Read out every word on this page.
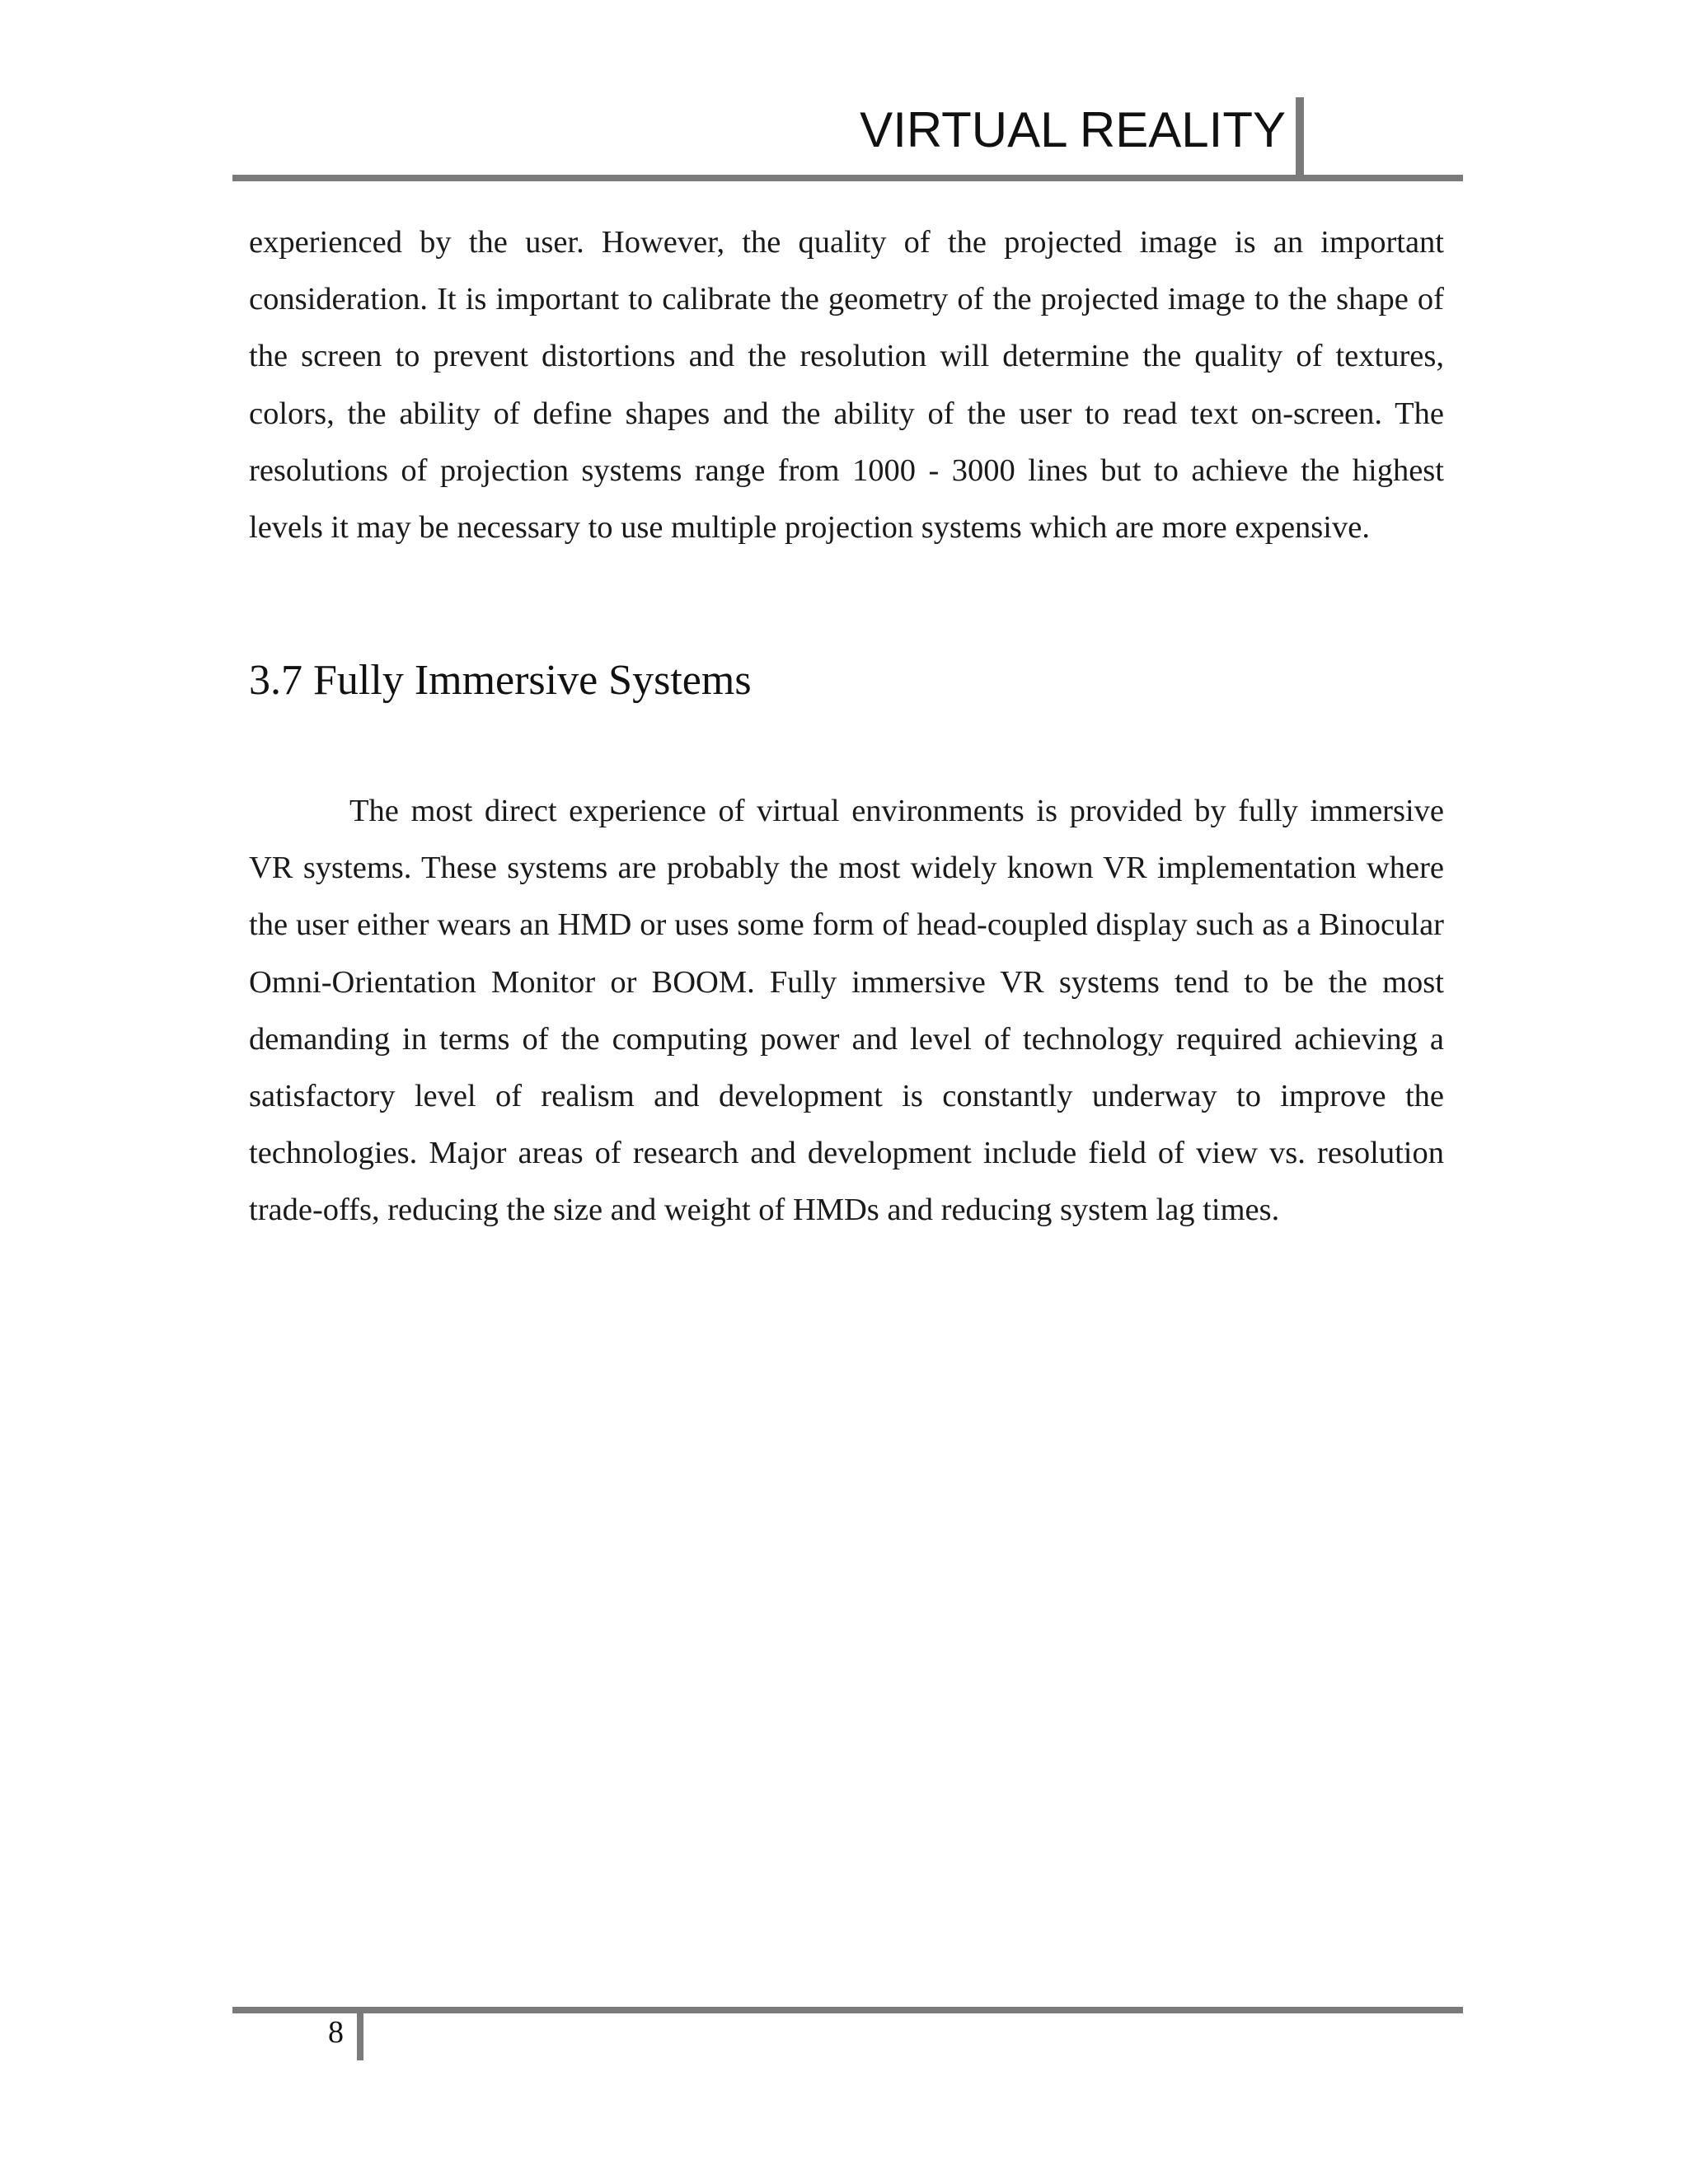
VIRTUAL REALITY

experienced by the user. However, the quality of the projected image is an important consideration. It is important to calibrate the geometry of the projected image to the shape of the screen to prevent distortions and the resolution will determine the quality of textures, colors, the ability of define shapes and the ability of the user to read text on-screen. The resolutions of projection systems range from 1000 - 3000 lines but to achieve the highest levels it may be necessary to use multiple projection systems which are more expensive.

3.7 Fully Immersive Systems

The most direct experience of virtual environments is provided by fully immersive VR systems. These systems are probably the most widely known VR implementation where the user either wears an HMD or uses some form of head-coupled display such as a Binocular Omni-Orientation Monitor or BOOM. Fully immersive VR systems tend to be the most demanding in terms of the computing power and level of technology required achieving a satisfactory level of realism and development is constantly underway to improve the technologies. Major areas of research and development include field of view vs. resolution trade-offs, reducing the size and weight of HMDs and reducing system lag times.

8
